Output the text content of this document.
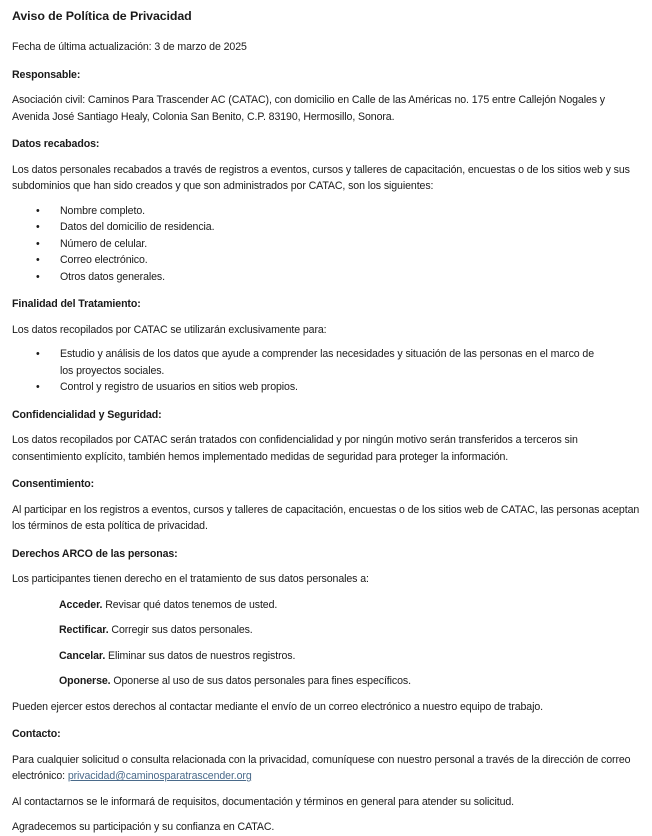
Aviso de Política de Privacidad
Fecha de última actualización: 3 de marzo de 2025
Responsable:
Asociación civil: Caminos Para Trascender AC (CATAC), con domicilio en Calle de las Américas no. 175 entre Callejón Nogales y Avenida José Santiago Healy, Colonia San Benito, C.P. 83190, Hermosillo, Sonora.
Datos recabados:
Los datos personales recabados a través de registros a eventos, cursos y talleres de capacitación, encuestas o de los sitios web y sus subdominios que han sido creados y que son administrados por CATAC, son los siguientes:
• Nombre completo.
• Datos del domicilio de residencia.
• Número de celular.
• Correo electrónico.
• Otros datos generales.
Finalidad del Tratamiento:
Los datos recopilados por CATAC se utilizarán exclusivamente para:
• Estudio y análisis de los datos que ayude a comprender las necesidades y situación de las personas en el marco de los proyectos sociales.
• Control y registro de usuarios en sitios web propios.
Confidencialidad y Seguridad:
Los datos recopilados por CATAC serán tratados con confidencialidad y por ningún motivo serán transferidos a terceros sin consentimiento explícito, también hemos implementado medidas de seguridad para proteger la información.
Consentimiento:
Al participar en los registros a eventos, cursos y talleres de capacitación, encuestas o de los sitios web de CATAC, las personas aceptan los términos de esta política de privacidad.
Derechos ARCO de las personas:
Los participantes tienen derecho en el tratamiento de sus datos personales a:
Acceder. Revisar qué datos tenemos de usted.
Rectificar. Corregir sus datos personales.
Cancelar. Eliminar sus datos de nuestros registros.
Oponerse. Oponerse al uso de sus datos personales para fines específicos.
Pueden ejercer estos derechos al contactar mediante el envío de un correo electrónico a nuestro equipo de trabajo.
Contacto:
Para cualquier solicitud o consulta relacionada con la privacidad, comuníquese con nuestro personal a través de la dirección de correo electrónico: privacidad@caminosparatrascender.org
Al contactarnos se le informará de requisitos, documentación y términos en general para atender su solicitud.
Agradecemos su participación y su confianza en CATAC.
